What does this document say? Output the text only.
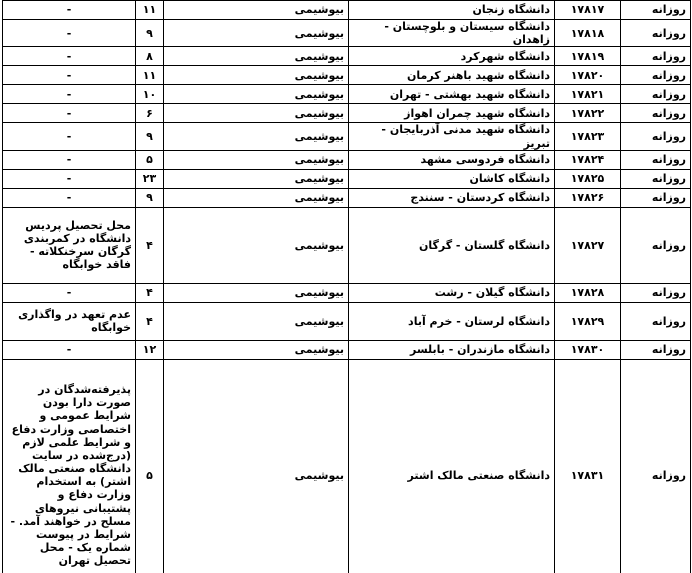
روزانه	۱۷۸۱۷	دانشگاه زنجان	بیوشیمی	۱۱	-
روزانه	۱۷۸۱۸	دانشگاه سیستان و بلوچستان - زاهدان	بیوشیمی	۹	-
روزانه	۱۷۸۱۹	دانشگاه شهرکرد	بیوشیمی	۸	-
روزانه	۱۷۸۲۰	دانشگاه شهید باهنر کرمان	بیوشیمی	۱۱	-
روزانه	۱۷۸۲۱	دانشگاه شهید بهشتی - تهران	بیوشیمی	۱۰	-
روزانه	۱۷۸۲۲	دانشگاه شهید چمران اهواز	بیوشیمی	۶	-
روزانه	۱۷۸۲۳	دانشگاه شهید مدنی آذربایجان - تبریز	بیوشیمی	۹	-
روزانه	۱۷۸۲۴	دانشگاه فردوسی مشهد	بیوشیمی	۵	-
روزانه	۱۷۸۲۵	دانشگاه کاشان	بیوشیمی	۲۳	-
روزانه	۱۷۸۲۶	دانشگاه کردستان - سنندج	بیوشیمی	۹	-
روزانه	۱۷۸۲۷	دانشگاه گلستان - گرگان	بیوشیمی	۴	محل تحصیل پردیس دانشگاه در کمربندی گرگان سرخنکلاته - فاقد خوابگاه
روزانه	۱۷۸۲۸	دانشگاه گیلان - رشت	بیوشیمی	۴	-
روزانه	۱۷۸۲۹	دانشگاه لرستان - خرم آباد	بیوشیمی	۴	عدم تعهد در واگذاری خوابگاه
روزانه	۱۷۸۳۰	دانشگاه مازندران - بابلسر	بیوشیمی	۱۲	-
روزانه	۱۷۸۳۱	دانشگاه صنعتی مالک اشتر	بیوشیمی	۵	پذیرفته‌شدگان در صورت دارا بودن شرایط عمومی و اختصاصی وزارت دفاع و شرایط علمی لازم (درج‌شده در سایت دانشگاه صنعتی مالک اشتر) به استخدام وزارت دفاع و پشتیبانی نیروهای مسلح در خواهند آمد. - شرایط در پیوست شماره یک - محل تحصیل تهران
